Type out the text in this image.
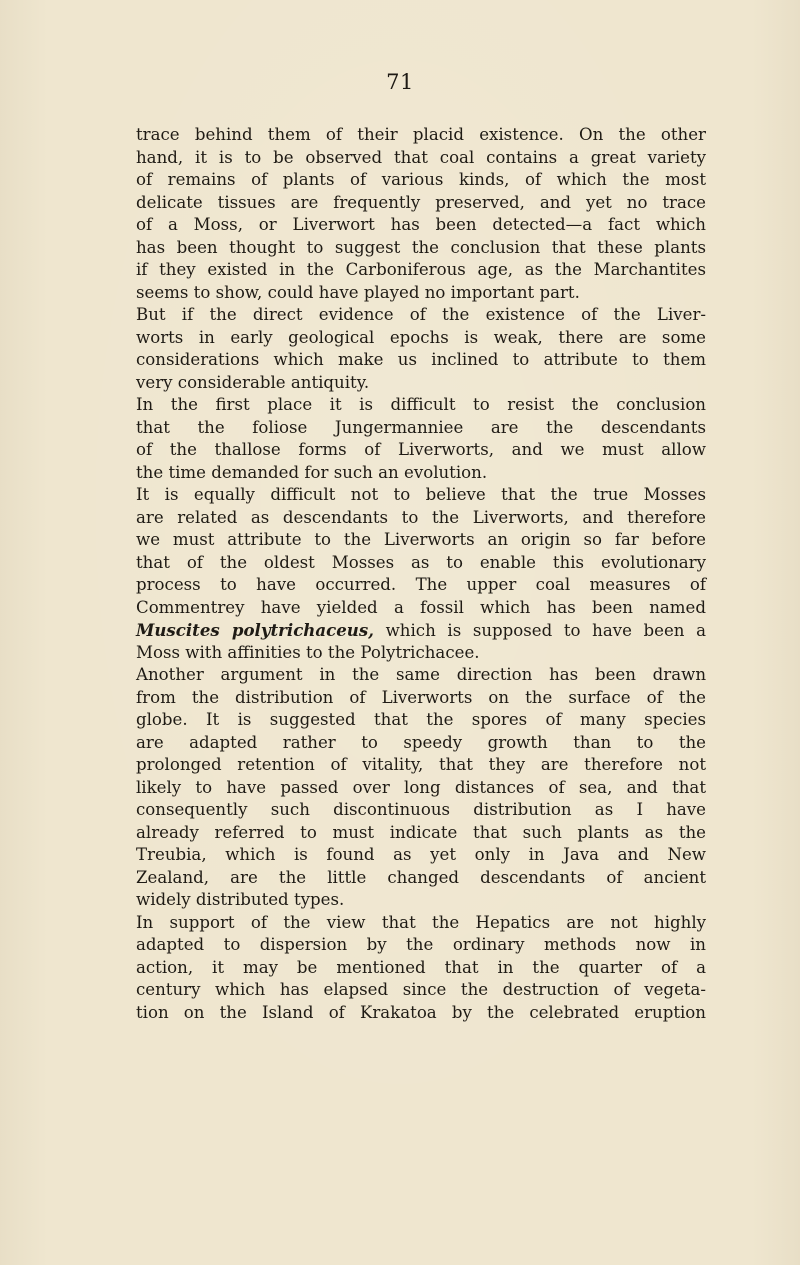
71
trace behind them of their placid existence. On the other
hand, it is to be observed that coal contains a great variety
of remains of plants of various kinds, of which the most
delicate tissues are frequently preserved, and yet no trace
of a Moss, or Liverwort has been detected—a fact which
has been thought to suggest the conclusion that these plants
if they existed in the Carboniferous age, as the Marchantites
seems to show, could have played no important part.
But if the direct evidence of the existence of the Liver-
worts in early geological epochs is weak, there are some
considerations which make us inclined to attribute to them
very considerable antiquity.
In the first place it is difficult to resist the conclusion
that the foliose Jungermanniee are the descendants
of the thallose forms of Liverworts, and we must allow
the time demanded for such an evolution.
It is equally difficult not to believe that the true Mosses
are related as descendants to the Liverworts, and therefore
we must attribute to the Liverworts an origin so far before
that of the oldest Mosses as to enable this evolutionary
process to have occurred. The upper coal measures of
Commentrey have yielded a fossil which has been named
Muscites polytrichaceus, which is supposed to have been a
Moss with affinities to the Polytrichacee.
Another argument in the same direction has been drawn
from the distribution of Liverworts on the surface of the
globe. It is suggested that the spores of many species
are adapted rather to speedy growth than to the
prolonged retention of vitality, that they are therefore not
likely to have passed over long distances of sea, and that
consequently such discontinuous distribution as I have
already referred to must indicate that such plants as the
Treubia, which is found as yet only in Java and New
Zealand, are the little changed descendants of ancient
widely distributed types.
In support of the view that the Hepatics are not highly
adapted to dispersion by the ordinary methods now in
action, it may be mentioned that in the quarter of a
century which has elapsed since the destruction of vegeta-
tion on the Island of Krakatoa by the celebrated eruption
